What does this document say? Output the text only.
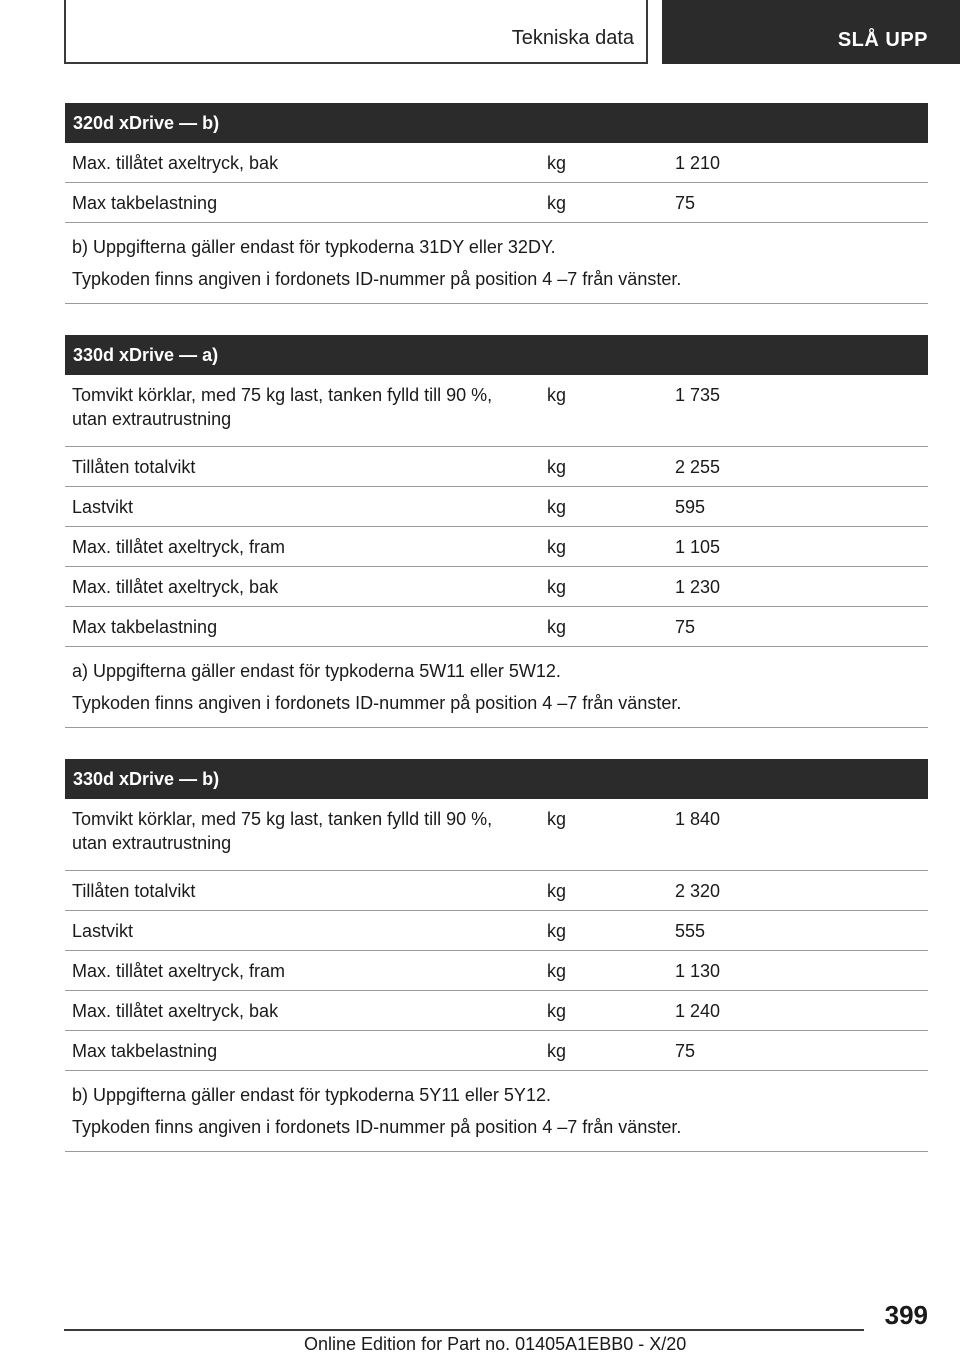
Tekniska data	SLÅ UPP
320d xDrive — b)
Max. tillåtet axeltryck, bak	kg	1 210
Max takbelastning	kg	75
b) Uppgifterna gäller endast för typkoderna 31DY eller 32DY.
Typkoden finns angiven i fordonets ID-nummer på position 4 –7 från vänster.
330d xDrive — a)
Tomvikt körklar, med 75 kg last, tanken fylld till 90 %,
utan extrautrustning
kg	1 735
Tillåten totalvikt	kg	2 255
Lastvikt	kg	595
Max. tillåtet axeltryck, fram	kg	1 105
Max. tillåtet axeltryck, bak	kg	1 230
Max takbelastning	kg	75
a) Uppgifterna gäller endast för typkoderna 5W11 eller 5W12.
Typkoden finns angiven i fordonets ID-nummer på position 4 –7 från vänster.
330d xDrive — b)
Tomvikt körklar, med 75 kg last, tanken fylld till 90 %,
utan extrautrustning
kg	1 840
Tillåten totalvikt	kg	2 320
Lastvikt	kg	555
Max. tillåtet axeltryck, fram	kg	1 130
Max. tillåtet axeltryck, bak	kg	1 240
Max takbelastning	kg	75
b) Uppgifterna gäller endast för typkoderna 5Y11 eller 5Y12.
Typkoden finns angiven i fordonets ID-nummer på position 4 –7 från vänster.
399
Online Edition for Part no. 01405A1EBB0 - X/20
